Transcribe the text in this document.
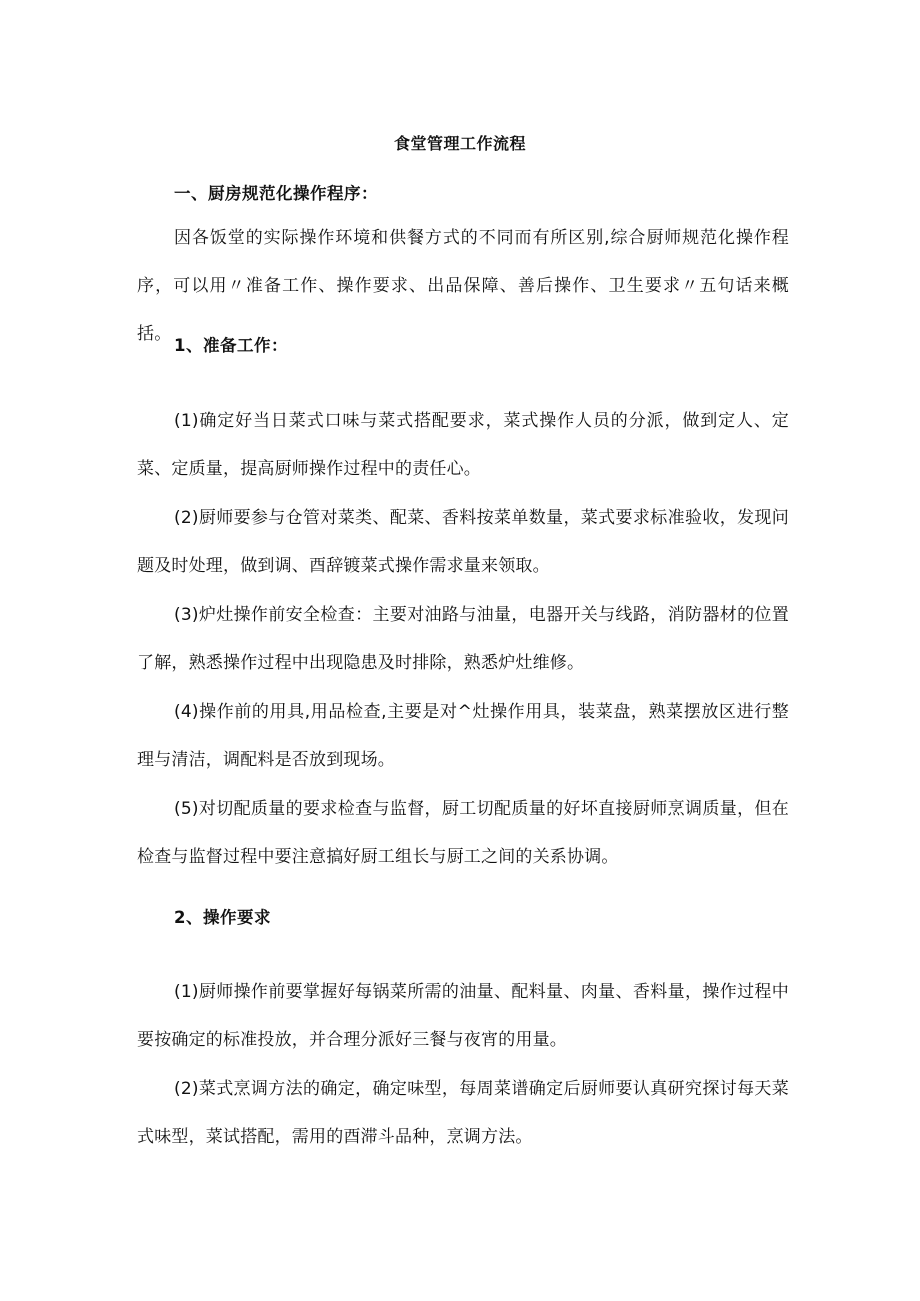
食堂管理工作流程
一、厨房规范化操作程序：

因各饭堂的实际操作环境和供餐方式的不同而有所区别,综合厨师规范化操作程序，可以用〃准备工作、操作要求、出品保障、善后操作、卫生要求〃五句话来概括。

1、准备工作：

(1)确定好当日菜式口味与菜式搭配要求，菜式操作人员的分派，做到定人、定菜、定质量，提高厨师操作过程中的责任心。

(2)厨师要参与仓管对菜类、配菜、香料按菜单数量，菜式要求标准验收，发现问题及时处理，做到调、酉辞镀菜式操作需求量来领取。

(3)炉灶操作前安全检查：主要对油路与油量，电器开关与线路，消防器材的位置了解，熟悉操作过程中出现隐患及时排除，熟悉炉灶维修。

(4)操作前的用具,用品检查,主要是对^灶操作用具，装菜盘，熟菜摆放区进行整理与清洁，调配料是否放到现场。

(5)对切配质量的要求检查与监督，厨工切配质量的好坏直接厨师烹调质量，但在检查与监督过程中要注意搞好厨工组长与厨工之间的关系协调。

2、操作要求

(1)厨师操作前要掌握好每锅菜所需的油量、配料量、肉量、香料量，操作过程中要按确定的标准投放，并合理分派好三餐与夜宵的用量。

(2)菜式烹调方法的确定，确定味型，每周菜谱确定后厨师要认真研究探讨每天菜式味型，菜试搭配，需用的酉滞斗品种，烹调方法。
